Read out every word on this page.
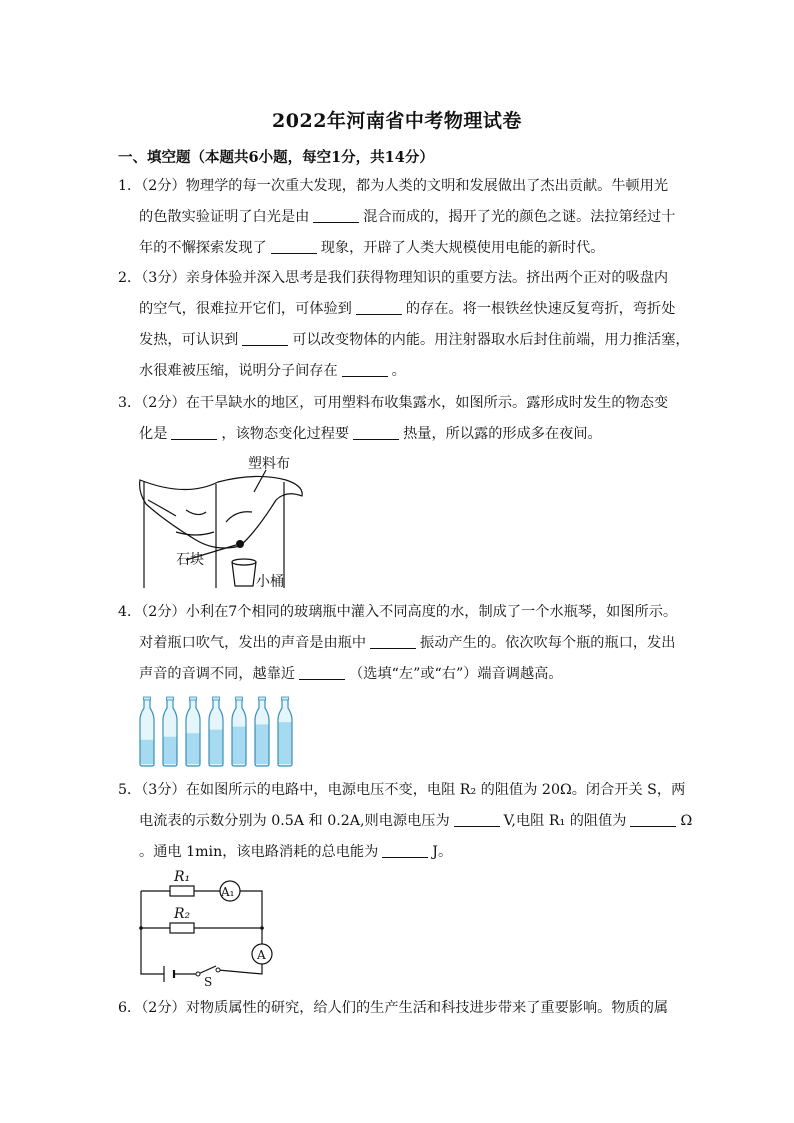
2022年河南省中考物理试卷
一、填空题（本题共6小题，每空1分，共14分）
1．（2分）物理学的每一次重大发现，都为人类的文明和发展做出了杰出贡献。牛顿用光
的色散实验证明了白光是由	混合而成的，揭开了光的颜色之谜。法拉第经过十
年的不懈探索发现了	现象，开辟了人类大规模使用电能的新时代。
2．（3分）亲身体验并深入思考是我们获得物理知识的重要方法。挤出两个正对的吸盘内
的空气，很难拉开它们，可体验到	的存在。将一根铁丝快速反复弯折，弯折处
发热，可认识到	可以改变物体的内能。用注射器取水后封住前端，用力推活塞，
水很难被压缩，说明分子间存在	。
3．（2分）在干旱缺水的地区，可用塑料布收集露水，如图所示。露形成时发生的物态变
化是	，该物态变化过程要	热量，所以露的形成多在夜间。
塑料布
石块
小桶
4．（2分）小利在7个相同的玻璃瓶中灌入不同高度的水，制成了一个水瓶琴，如图所示。
对着瓶口吹气，发出的声音是由瓶中	振动产生的。依次吹每个瓶的瓶口，发出
声音的音调不同，越靠近	（选填“左”或“右”）端音调越高。
5．（3分）在如图所示的电路中，电源电压不变，电阻 R₂ 的阻值为 20Ω。闭合开关 S，两
电流表的示数分别为 0.5A 和 0.2A,则电源电压为	V,电阻 R₁ 的阻值为	Ω
。通电 1min，该电路消耗的总电能为	J。
R₁
R₂
A₁
A
S
6．（2分）对物质属性的研究，给人们的生产生活和科技进步带来了重要影响。物质的属
